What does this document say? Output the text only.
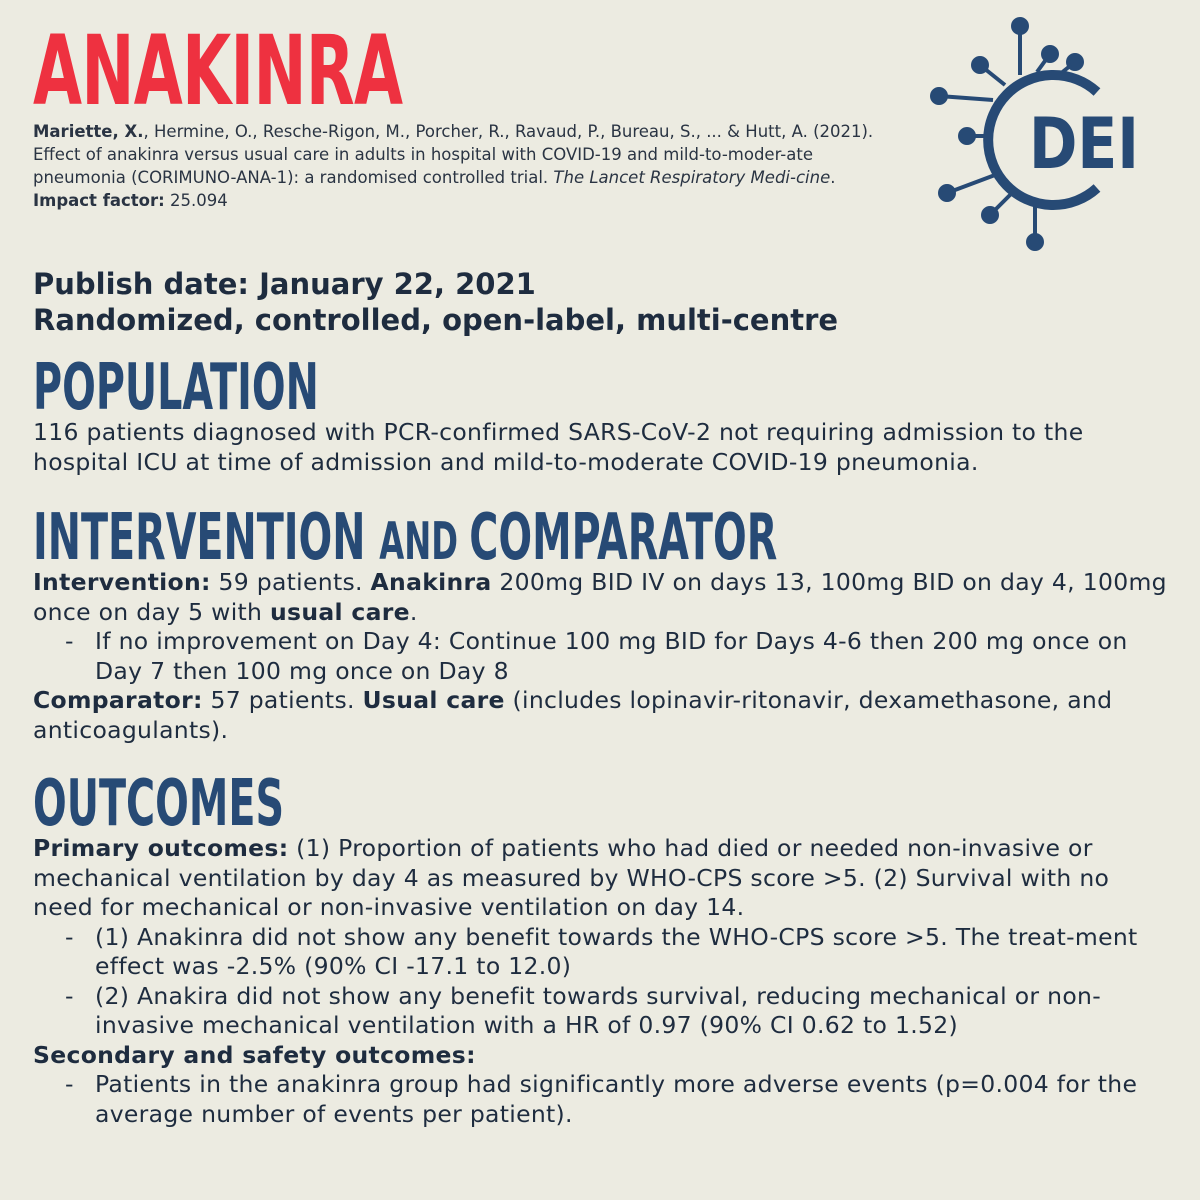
ANAKINRA
Mariette, X., Hermine, O., Resche-Rigon, M., Porcher, R., Ravaud, P., Bureau, S., ... & Hutt, A. (2021). Effect of anakinra versus usual care in adults in hospital with COVID-19 and mild-to-moder-ate pneumonia (CORIMUNO-ANA-1): a randomised controlled trial. The Lancet Respiratory Medi-cine.
Impact factor: 25.094
DEI

Publish date: January 22, 2021

Randomized, controlled, open-label, multi-centre

POPULATION

116 patients diagnosed with PCR-confirmed SARS-CoV-2 not requiring admission to the hospital ICU at time of admission and mild-to-moderate COVID-19 pneumonia.

INTERVENTION AND COMPARATOR

Intervention: 59 patients. Anakinra 200mg BID IV on days 13, 100mg BID on day 4, 100mg once on day 5 with usual care.

- If no improvement on Day 4: Continue 100 mg BID for Days 4-6 then 200 mg once on Day 7 then 100 mg once on Day 8

Comparator: 57 patients. Usual care (includes lopinavir-ritonavir, dexamethasone, and anticoagulants).

OUTCOMES

Primary outcomes: (1) Proportion of patients who had died or needed non-invasive or mechanical ventilation by day 4 as measured by WHO-CPS score >5. (2) Survival with no need for mechanical or non-invasive ventilation on day 14.

- (1) Anakinra did not show any benefit towards the WHO-CPS score >5. The treat-ment effect was -2.5% (90% CI -17.1 to 12.0)

- (2) Anakira did not show any benefit towards survival, reducing mechanical or non-invasive mechanical ventilation with a HR of 0.97 (90% CI 0.62 to 1.52)

Secondary and safety outcomes:

- Patients in the anakinra group had significantly more adverse events (p=0.004 for the average number of events per patient).
